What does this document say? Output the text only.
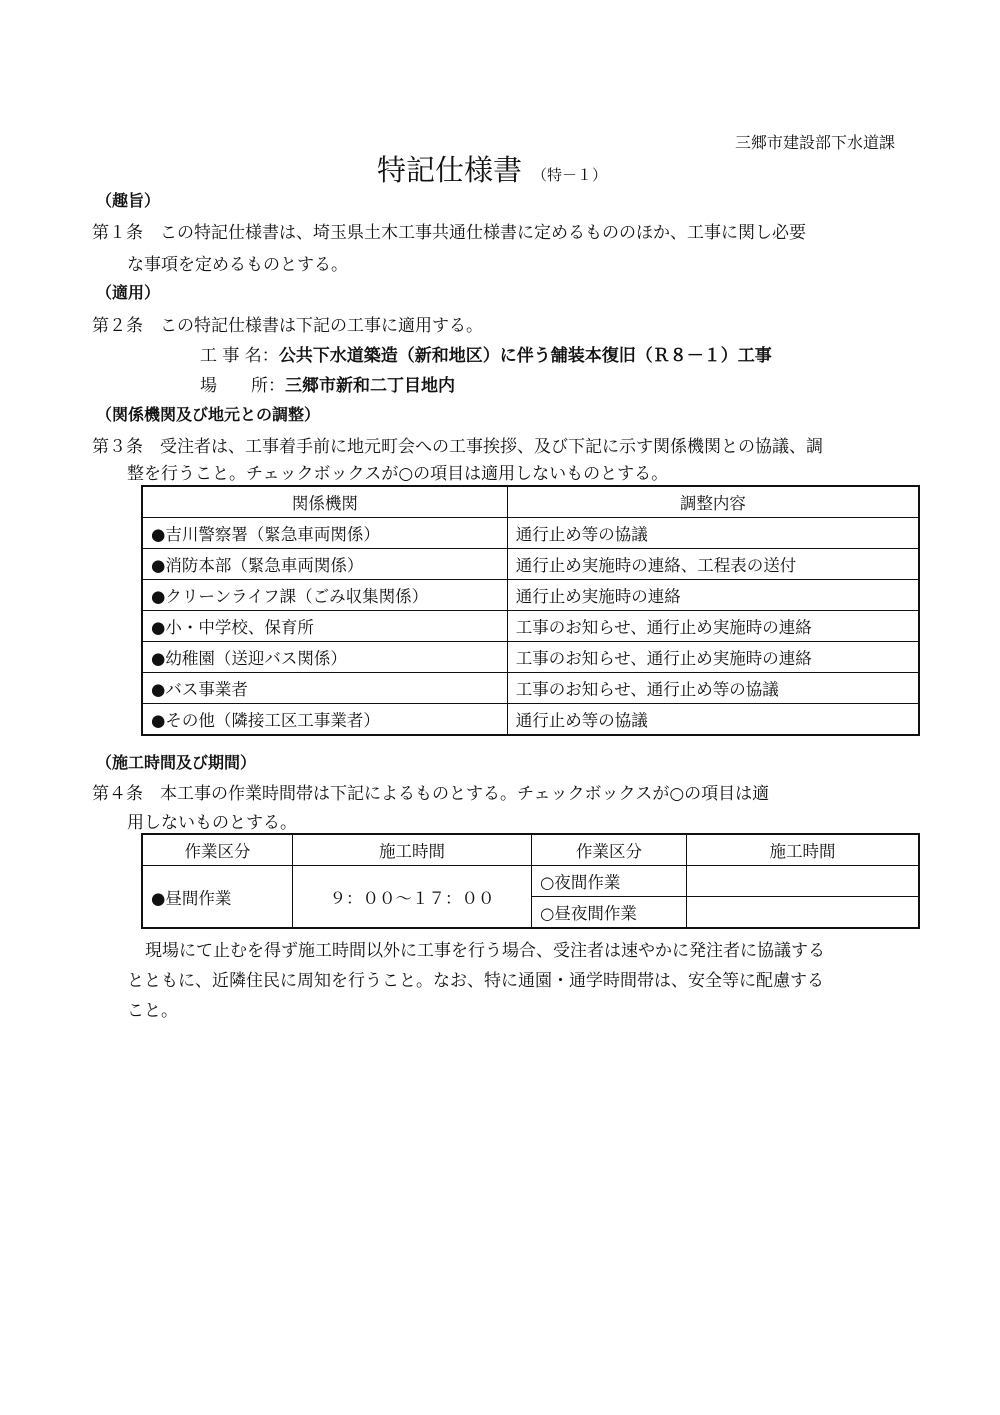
三郷市建設部下水道課
特記仕様書 （特－１）
（趣旨）
第１条　この特記仕様書は、埼玉県土木工事共通仕様書に定めるもののほか、工事に関し必要
な事項を定めるものとする。
（適用）
第２条　この特記仕様書は下記の工事に適用する。
工 事 名：公共下水道築造（新和地区）に伴う舗装本復旧（Ｒ８－１）工事
場　　所：三郷市新和二丁目地内
（関係機関及び地元との調整）
第３条　受注者は、工事着手前に地元町会への工事挨拶、及び下記に示す関係機関との協議、調
整を行うこと。チェックボックスが○の項目は適用しないものとする。
関係機関	調整内容
●吉川警察署（緊急車両関係）	通行止め等の協議
●消防本部（緊急車両関係）	通行止め実施時の連絡、工程表の送付
●クリーンライフ課（ごみ収集関係）	通行止め実施時の連絡
●小・中学校、保育所	工事のお知らせ、通行止め実施時の連絡
●幼稚園（送迎バス関係）	工事のお知らせ、通行止め実施時の連絡
●バス事業者	工事のお知らせ、通行止め等の協議
●その他（隣接工区工事業者）	通行止め等の協議
（施工時間及び期間）
第４条　本工事の作業時間帯は下記によるものとする。チェックボックスが○の項目は適
用しないものとする。
作業区分	施工時間	作業区分	施工時間
●昼間作業	９：００～１７：００	○夜間作業	
		○昼夜間作業	
現場にて止むを得ず施工時間以外に工事を行う場合、受注者は速やかに発注者に協議する
とともに、近隣住民に周知を行うこと。なお、特に通園・通学時間帯は、安全等に配慮する
こと。
